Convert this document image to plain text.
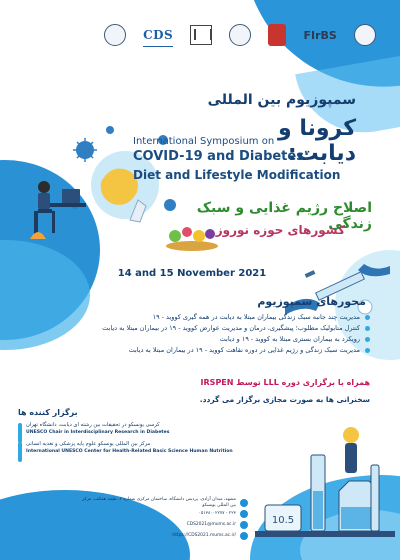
CDS	FIrBS
سمپوزیوم بین المللی
کرونا و دیابت:
International Symposium on
COVID-19 and Diabetes:
Diet and Lifestyle Modification
اصلاح رژیم غذایی و سبک زندگی
کشورهای حوزه نوروز
14 and 15 November 2021
محورهای سمپوزیوم
مدیریت چند جانبه سبک زندگی بیماران مبتلا به دیابت در همه گیری کووید - ۱۹
کنترل متابولیک مطلوب؛ پیشگیری، درمان و مدیریت عوارض کووید - ۱۹ در بیماران مبتلا به دیابت
رویکرد به بیماران بستری مبتلا به کووید - ۱۹ و دیابت
مدیریت سبک زندگی و رژیم غذایی در دوره نقاهت کووید - ۱۹ در بیماران مبتلا به دیابت
همراه با برگزاری دوره LLL توسط IRSPEN
سخنرانی ها به صورت مجازی برگزار می گردد.
برگزار کننده ها
کرسی یونسکو در تحقیقات بین رشته ای دیابت، دانشگاه تهران
UNESCO Chair in Interdisciplinary Research in Diabetes
مرکز بین المللی یونسکو علوم پایه پزشکی و تغذیه انسانی
International UNESCO Center for Health-Related Basic Science Human Nutrition
10.5
مشهد، میدان آزادی، پردیس دانشگاه، ساختمان مرکزی شماره ۲، طبقه همکف، مرکز بین المللی یونسکو
۰۵۱۳۸۰۰۲۲۷۷ - ۲۲۳
CDS2021@mums.ac.ir
https://CDS2021.mums.ac.ir/
